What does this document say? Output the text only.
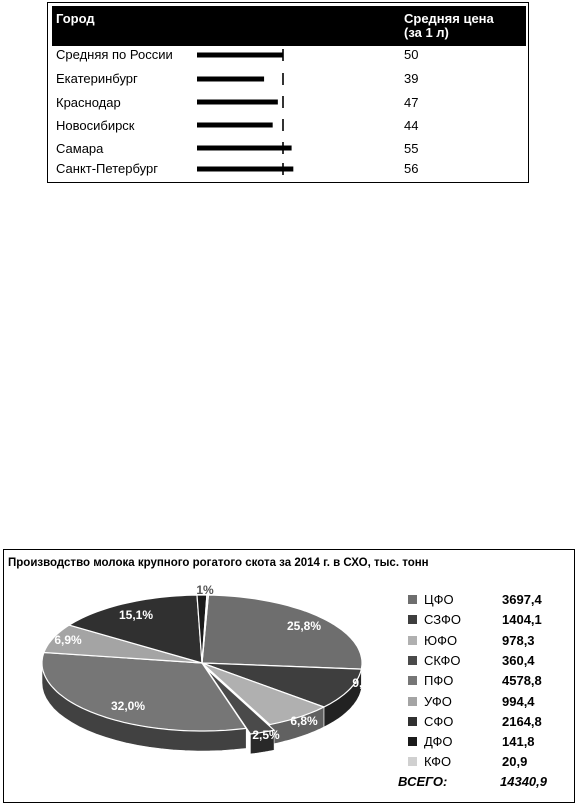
Город	Средняя цена
(за 1 л)
Средняя по России	50
Екатеринбург	39
Краснодар	47
Новосибирск	44
Самара	55
Санкт-Петербург	56
Производство молока крупного рогатого скота за 2014 г. в СХО, тыс. тонн
25,8%
9,8%
6,8%
2,5%
32,0%
6,9%
15,1%
1%
ЦФО	3697,4
СЗФО	1404,1
ЮФО	978,3
СКФО	360,4
ПФО	4578,8
УФО	994,4
СФО	2164,8
ДФО	141,8
КФО	20,9
ВСЕГО:	14340,9
